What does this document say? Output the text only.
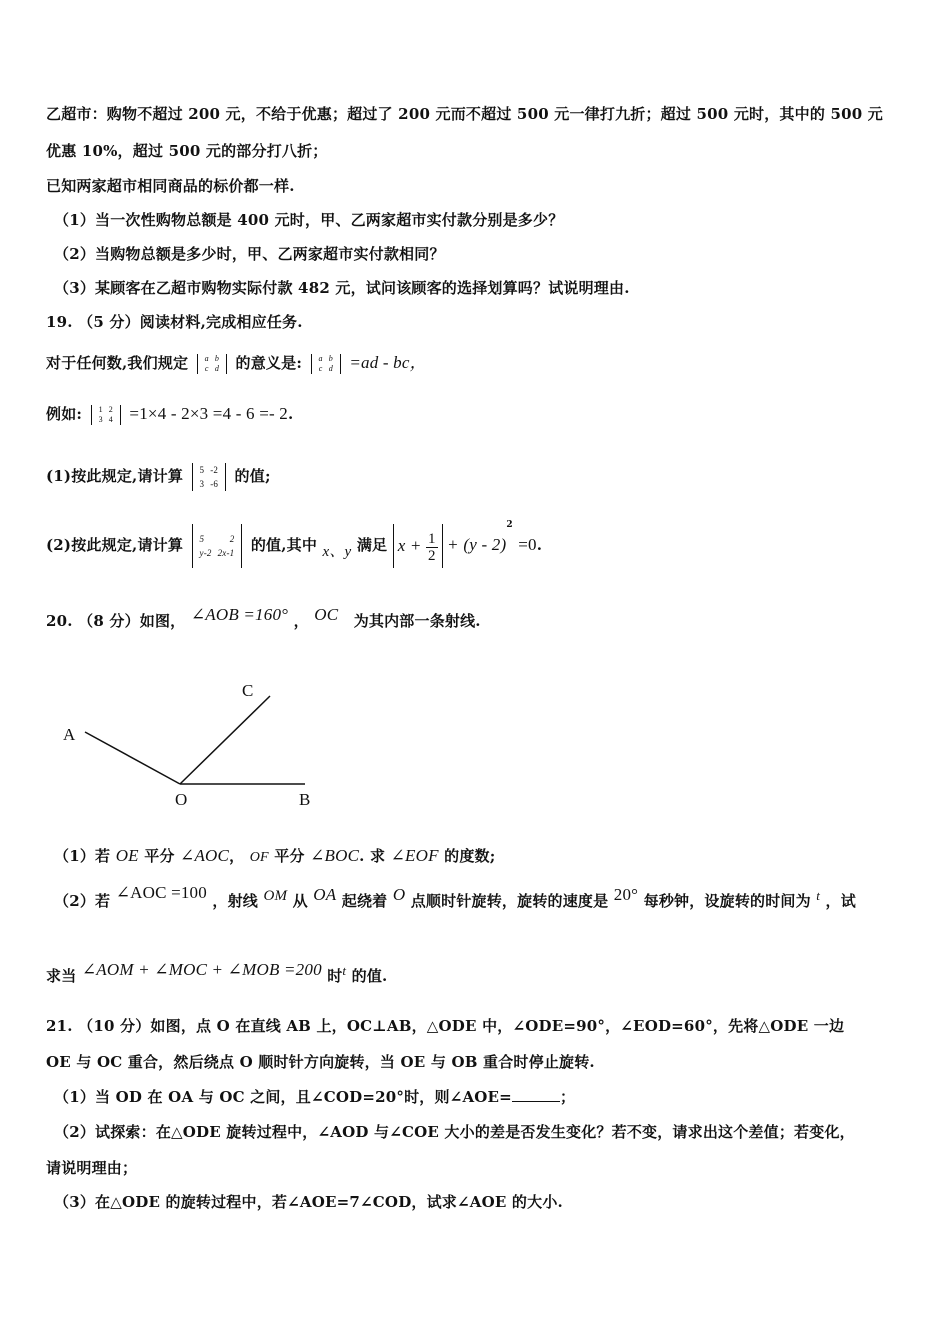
乙超市：购物不超过 200 元，不给于优惠；超过了 200 元而不超过 500 元一律打九折；超过 500 元时，其中的 500 元
优惠 10%，超过 500 元的部分打八折；
已知两家超市相同商品的标价都一样.
（1）当一次性购物总额是 400 元时，甲、乙两家超市实付款分别是多少？
（2）当购物总额是多少时，甲、乙两家超市实付款相同？
（3）某顾客在乙超市购物实际付款 482 元，试问该顾客的选择划算吗？试说明理由.
19. （5 分）阅读材料,完成相应任务.
对于任何数,我们规定 a	b
c	d 的意义是: a	b
c	d =ad - bc，
例如: 1	2
3	4 =1×4 - 2×3 =4 - 6 =- 2.
(1)按此规定,请计算 5	-2
3	-6 的值;
(2)按此规定,请计算 5	2
y-2	2x-1 的值,其中 x、y 满足 $x + \frac{1}{2} + (y - 2)^2 =0$.
20. （8 分）如图， ∠AOB =160° ， OC 为其内部一条射线.
A
C
O	B
（1）若 OE 平分 ∠AOC， OF 平分 ∠BOC. 求 ∠EOF 的度数;
（2）若 ∠AOC =100 ，射线 OM 从 OA 起绕着 O 点顺时针旋转，旋转的速度是 20° 每秒钟，设旋转的时间为 t ，试
求当 ∠AOM + ∠MOC + ∠MOB =200 时t 的值.
21. （10 分）如图，点 O 在直线 AB 上，OC⊥AB，△ODE 中，∠ODE=90°，∠EOD=60°，先将△ODE 一边
OE 与 OC 重合，然后绕点 O 顺时针方向旋转，当 OE 与 OB 重合时停止旋转.
（1）当 OD 在 OA 与 OC 之间，且∠COD=20°时，则∠AOE=	；
（2）试探索：在△ODE 旋转过程中，∠AOD 与∠COE 大小的差是否发生变化？若不变，请求出这个差值；若变化，
请说明理由；
（3）在△ODE 的旋转过程中，若∠AOE=7∠COD，试求∠AOE 的大小.
